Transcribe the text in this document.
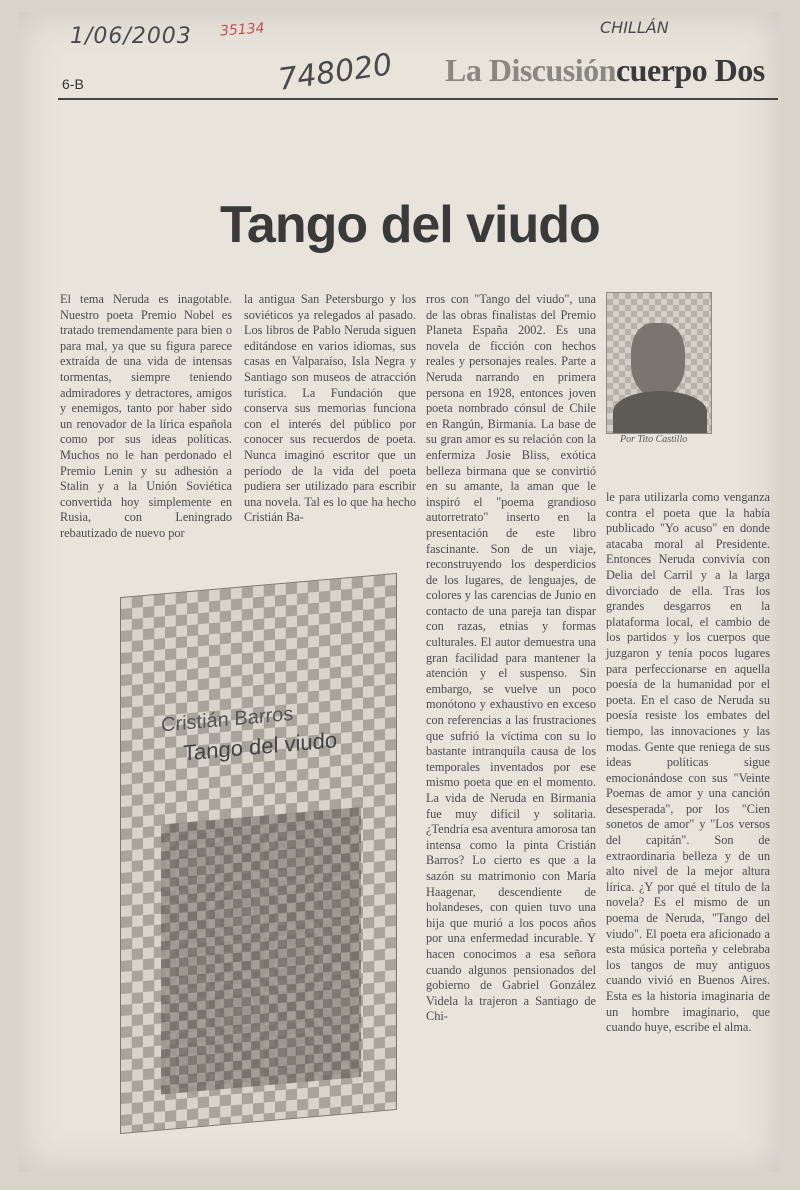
1/06/2003 35134
748020
CHILLÁN
6-B	La Discusióncuerpo Dos
Tango del viudo

El tema Neruda es inagotable. Nuestro poeta Premio Nobel es tratado tremendamente para bien o para mal, ya que su figura parece extraída de una vida de intensas tormentas, siempre teniendo admiradores y detractores, amigos y enemigos, tanto por haber sido un renovador de la lírica española como por sus ideas políticas. Muchos no le han perdonado el Premio Lenin y su adhesión a Stalin y a la Unión Soviética convertida hoy simplemente en Rusia, con Leningrado rebautizado de nuevo por

la antigua San Petersburgo y los soviéticos ya relegados al pasado. Los libros de Pablo Neruda siguen editándose en varios idiomas, sus casas en Valparaíso, Isla Negra y Santiago son museos de atracción turística. La Fundación que conserva sus memorias funciona con el interés del público por conocer sus recuerdos de poeta. Nunca imaginó escritor que un período de la vida del poeta pudiera ser utilizado para escribir una novela. Tal es lo que ha hecho Cristián Ba-

rros con "Tango del viudo", una de las obras finalistas del Premio Planeta España 2002. Es una novela de ficción con hechos reales y personajes reales. Parte a Neruda narrando en primera persona en 1928, entonces joven poeta nombrado cónsul de Chile en Rangún, Birmania. La base de su gran amor es su relación con la enfermiza Josie Bliss, exótica belleza birmana que se convirtió en su amante, la aman que le inspiró el "poema grandioso autorretrato" inserto en la presentación de este libro fascinante. Son de un viaje, reconstruyendo los desperdicios de los lugares, de lenguajes, de colores y las carencias de Junio en contacto de una pareja tan dispar con razas, etnias y formas culturales. El autor demuestra una gran facilidad para mantener la atención y el suspenso. Sin embargo, se vuelve un poco monótono y exhaustivo en exceso con referencias a las frustraciones que sufrió la víctima con su lo bastante intranquila causa de los temporales inventados por ese mismo poeta que en el momento. La vida de Neruda en Birmania fue muy difícil y solitaria. ¿Tendría esa aventura amorosa tan intensa como la pinta Cristián Barros? Lo cierto es que a la sazón su matrimonio con María Haagenar, descendiente de holandeses, con quien tuvo una hija que murió a los pocos años por una enfermedad incurable. Y hacen conocimos a esa señora cuando algunos pensionados del gobierno de Gabriel González Videla la trajeron a Santiago de Chi-

le para utilizarla como venganza contra el poeta que la había publicado "Yo acuso" en donde atacaba moral al Presidente. Entonces Neruda convivía con Delia del Carril y a la larga divorciado de ella. Tras los grandes desgarros en la plataforma local, el cambio de los partidos y los cuerpos que juzgaron y tenía pocos lugares para perfeccionarse en aquella poesía de la humanidad por el poeta. En el caso de Neruda su poesía resiste los embates del tiempo, las innovaciones y las modas. Gente que reniega de sus ideas políticas sigue emocionándose con sus "Veinte Poemas de amor y una canción desesperada", por los "Cien sonetos de amor" y "Los versos del capitán". Son de extraordinaria belleza y de un alto nivel de la mejor altura lírica. ¿Y por qué el título de la novela? Es el mismo de un poema de Neruda, "Tango del viudo". El poeta era aficionado a esta música porteña y celebraba los tangos de muy antiguos cuando vivió en Buenos Aires. Esta es la historia imaginaria de un hombre imaginario, que cuando huye, escribe el alma.

Por Tito Castillo
Cristián Barros
Tango del viudo
